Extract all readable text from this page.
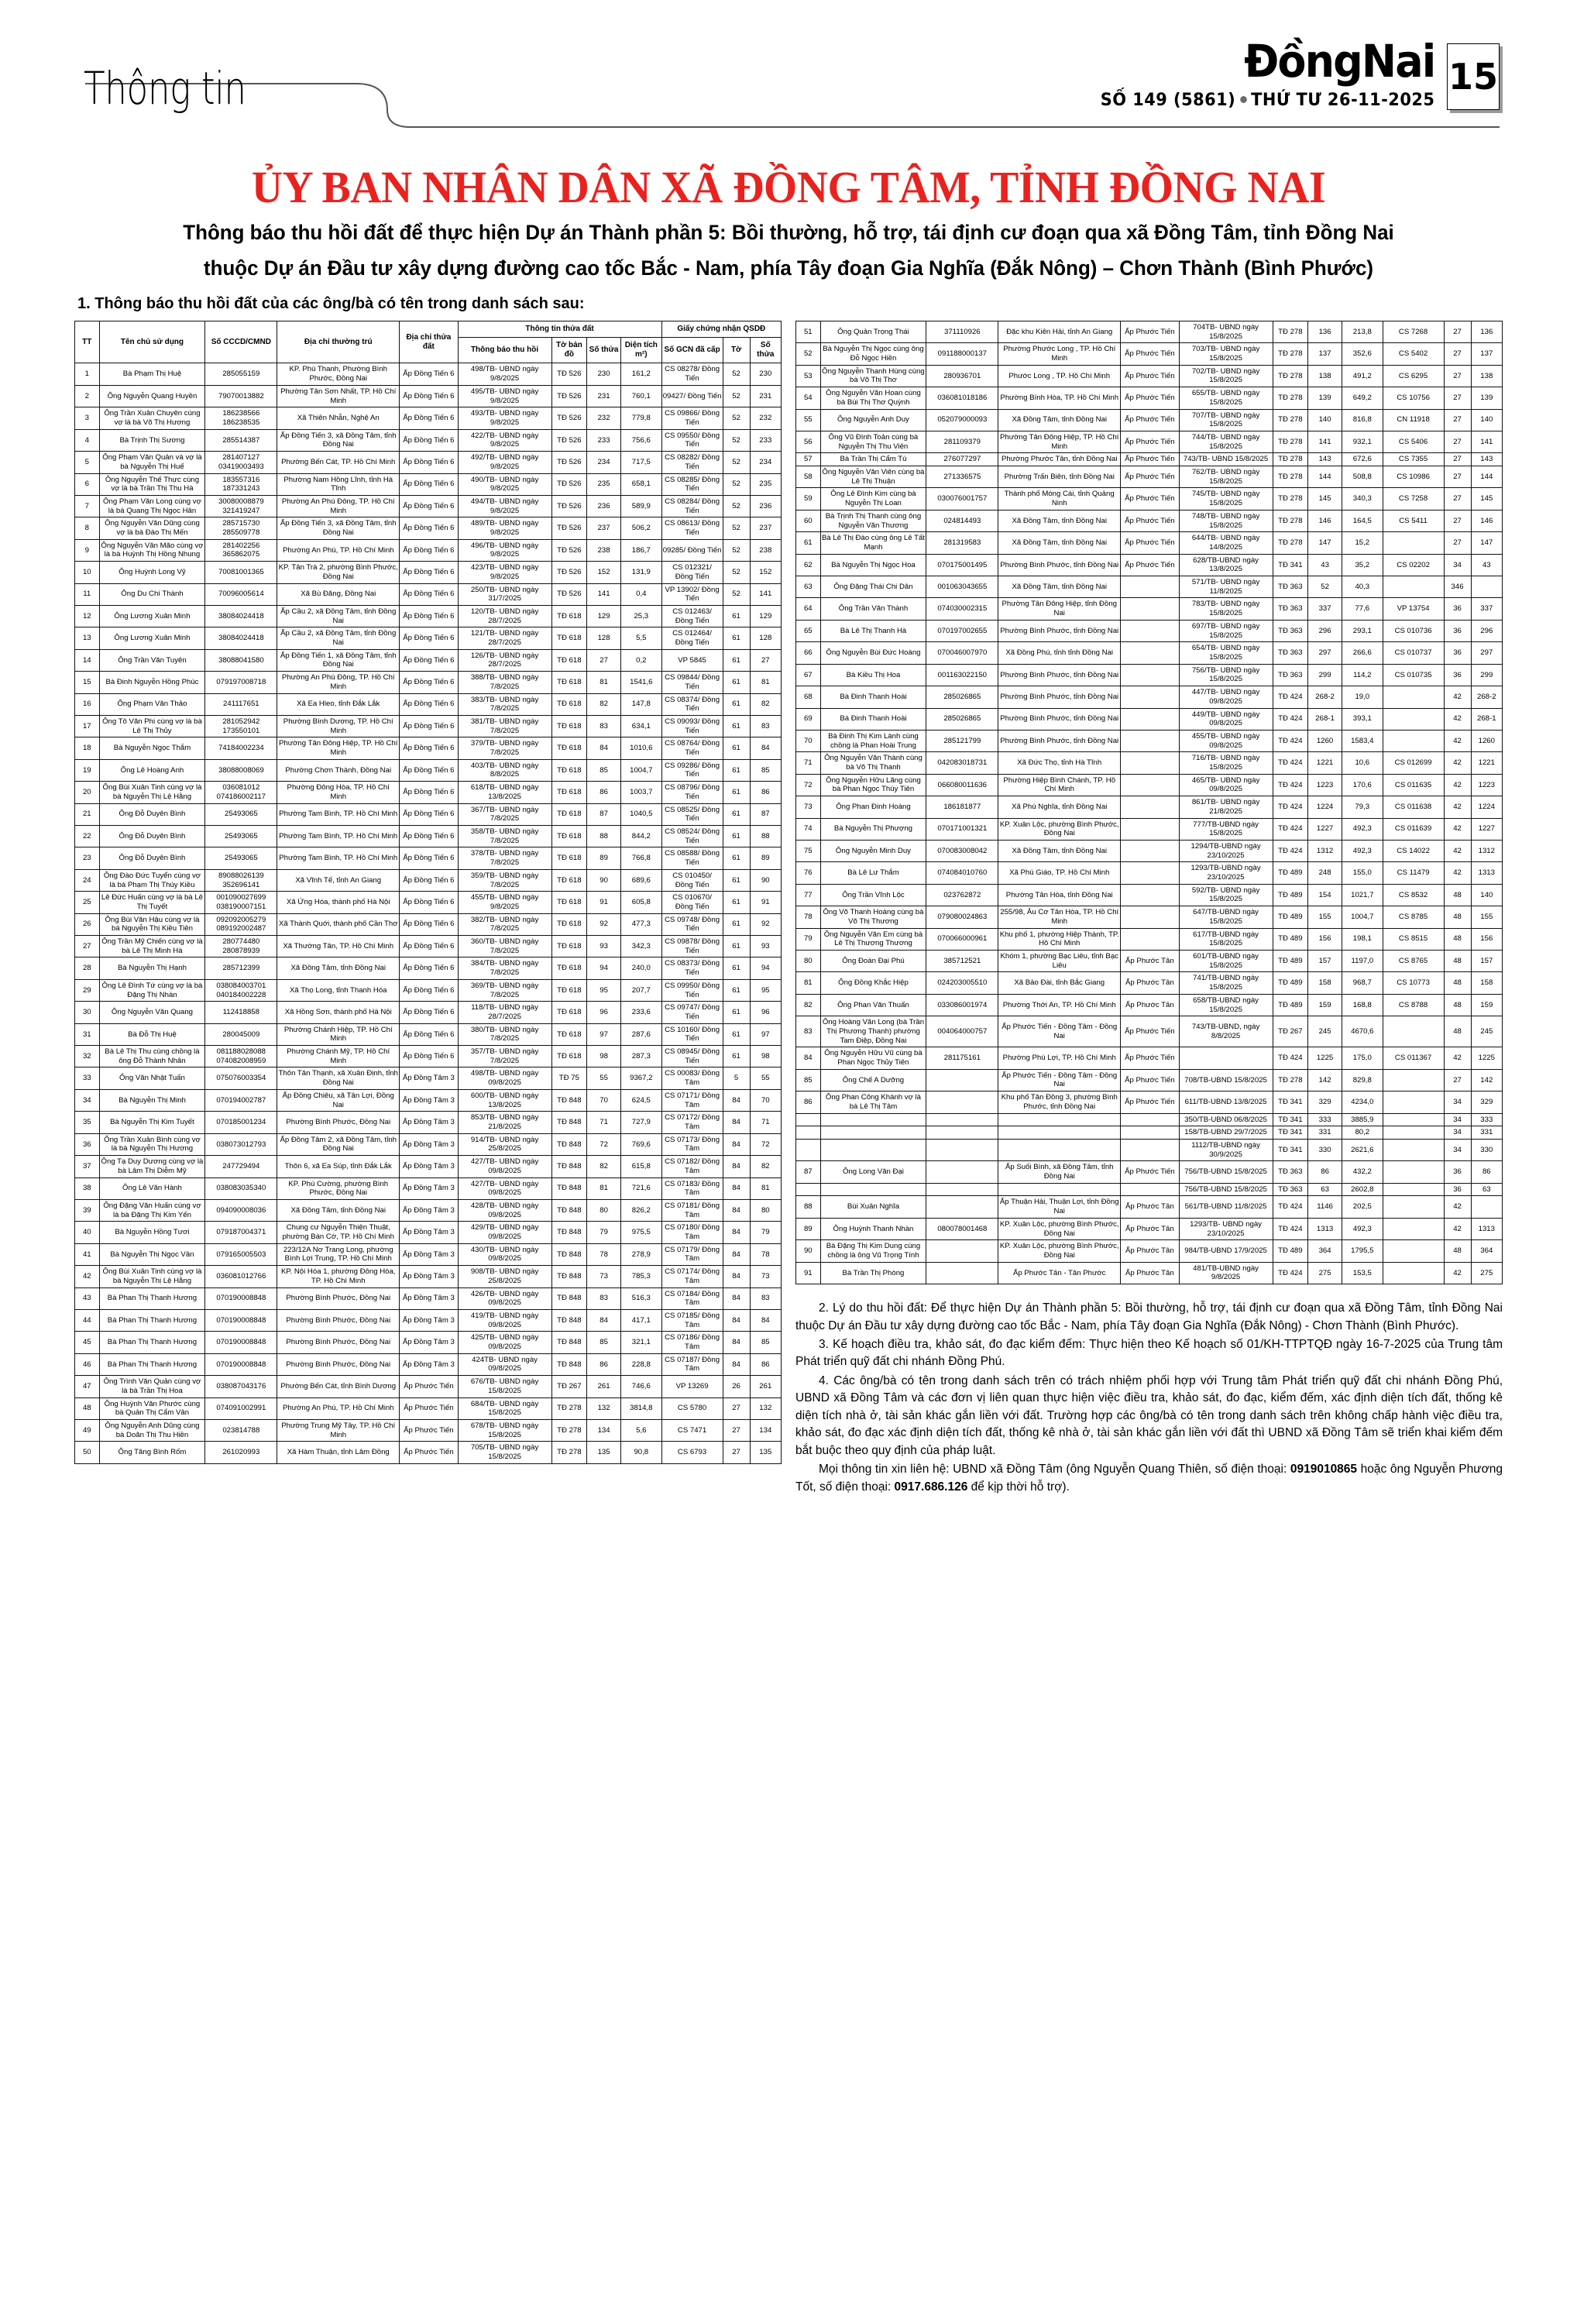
Thông tin
ĐồngNai
SỐ 149 (5861) THỨ TƯ 26-11-2025
15
ỦY BAN NHÂN DÂN XÃ ĐỒNG TÂM, TỈNH ĐỒNG NAI
Thông báo thu hồi đất để thực hiện Dự án Thành phần 5: Bồi thường, hỗ trợ, tái định cư đoạn qua xã Đồng Tâm, tỉnh Đồng Nai
thuộc Dự án Đầu tư xây dựng đường cao tốc Bắc - Nam, phía Tây đoạn Gia Nghĩa (Đắk Nông) – Chơn Thành (Bình Phước)
1. Thông báo thu hồi đất của các ông/bà có tên trong danh sách sau:
TT	Tên chủ sử dụng	Số CCCD/CMND	Địa chỉ thường trú	Địa chỉ thửa đất	Thông tin thửa đất				Giấy chứng nhận QSDĐ		
					Thông báo thu hồi	Tờ bản đồ	Số thửa	Diện tích m²)	Số GCN đã cấp	Tờ	Số thửa
1	Bà Phạm Thị Huệ	285055159	KP. Phú Thanh, Phường Bình Phước, Đồng Nai	Ấp Đồng Tiến 6	498/TB- UBND ngày 9/8/2025	TĐ 526	230	161,2	CS 08278/ Đồng Tiến	52	230
2	Ông Nguyễn Quang Huyền	79070013882	Phường Tân Sơn Nhất, TP. Hồ Chí Minh	Ấp Đồng Tiến 6	495/TB- UBND ngày 9/8/2025	TĐ 526	231	760,1	09427/ Đồng Tiến	52	231
3	Ông Trần Xuân Chuyên cùng vợ là bà Võ Thị Hương	186238566 186238535	Xã Thiên Nhẫn, Nghệ An	Ấp Đồng Tiến 6	493/TB- UBND ngày 9/8/2025	TĐ 526	232	779,8	CS 09866/ Đồng Tiến	52	232
4	Bà Trịnh Thị Sương	285514387	Ấp Đồng Tiến 3, xã Đồng Tâm, tỉnh Đồng Nai	Ấp Đồng Tiến 6	422/TB- UBND ngày 9/8/2025	TĐ 526	233	756,6	CS 09550/ Đồng Tiến	52	233
5	Ông Phạm Văn Quản và vợ là bà Nguyễn Thị Huế	281407127 03419003493	Phường Bến Cát, TP. Hồ Chí Minh	Ấp Đồng Tiến 6	492/TB- UBND ngày 9/8/2025	TĐ 526	234	717,5	CS 08282/ Đồng Tiến	52	234
6	Ông Nguyễn Thế Thực cùng vợ là bà Trần Thị Thu Hà	183557316 187331243	Phường Nam Hồng Lĩnh, tỉnh Hà Tĩnh	Ấp Đồng Tiến 6	490/TB- UBND ngày 9/8/2025	TĐ 526	235	658,1	CS 08285/ Đồng Tiến	52	235
7	Ông Phạm Văn Long cùng vợ là bà Quang Thị Ngọc Hân	30080008879 321419247	Phường An Phú Đông, TP. Hồ Chí Minh	Ấp Đồng Tiến 6	494/TB- UBND ngày 9/8/2025	TĐ 526	236	589,9	CS 08284/ Đồng Tiến	52	236
8	Ông Nguyễn Văn Dũng cùng vợ là bà Đào Thị Mến	285715730 285509778	Ấp Đồng Tiến 3, xã Đồng Tâm, tỉnh Đồng Nai	Ấp Đồng Tiến 6	489/TB- UBND ngày 9/8/2025	TĐ 526	237	506,2	CS 08613/ Đồng Tiến	52	237
9	Ông Nguyễn Văn Mão cùng vợ là bà Huỳnh Thị Hồng Nhung	281402256 365862075	Phường An Phú, TP. Hồ Chí Minh	Ấp Đồng Tiến 6	496/TB- UBND ngày 9/8/2025	TĐ 526	238	186,7	09285/ Đồng Tiến	52	238
10	Ông Huỳnh Long Vỹ	70081001365	KP. Tân Trà 2, phường Bình Phước, Đồng Nai	Ấp Đồng Tiến 6	423/TB- UBND ngày 9/8/2025	TĐ 526	152	131,9	CS 012321/ Đồng Tiến	52	152
11	Ông Du Chí Thành	70096005614	Xã Bù Đăng, Đồng Nai	Ấp Đồng Tiến 6	250/TB- UBND ngày 31/7/2025	TĐ 526	141	0,4	VP 13902/ Đồng Tiến	52	141
12	Ông Lương Xuân Minh	38084024418	Ấp Cầu 2, xã Đồng Tâm, tỉnh Đồng Nai	Ấp Đồng Tiến 6	120/TB- UBND ngày 28/7/2025	TĐ 618	129	25,3	CS 012463/ Đồng Tiến	61	129
13	Ông Lương Xuân Minh	38084024418	Ấp Cầu 2, xã Đồng Tâm, tỉnh Đồng Nai	Ấp Đồng Tiến 6	121/TB- UBND ngày 28/7/2025	TĐ 618	128	5,5	CS 012464/ Đồng Tiến	61	128
14	Ông Trần Văn Tuyên	38088041580	Ấp Đồng Tiến 1, xã Đồng Tâm, tỉnh Đồng Nai	Ấp Đồng Tiến 6	126/TB- UBND ngày 28/7/2025	TĐ 618	27	0,2	VP 5845	61	27
15	Bà Đinh Nguyễn Hồng Phúc	079197008718	Phường An Phú Đông, TP. Hồ Chí Minh	Ấp Đồng Tiến 6	388/TB- UBND ngày 7/8/2025	TĐ 618	81	1541,6	CS 09844/ Đồng Tiến	61	81
16	Ông Phạm Văn Thảo	241117651	Xã Ea Hleo, tỉnh Đắk Lắk	Ấp Đồng Tiến 6	383/TB- UBND ngày 7/8/2025	TĐ 618	82	147,8	CS 08374/ Đồng Tiến	61	82
17	Ông Tô Văn Phi cùng vợ là bà Lê Thị Thủy	281052942 173550101	Phường Bình Dương, TP. Hồ Chí Minh	Ấp Đồng Tiến 6	381/TB- UBND ngày 7/8/2025	TĐ 618	83	634,1	CS 09093/ Đồng Tiến	61	83
18	Bà Nguyễn Ngọc Thắm	74184002234	Phường Tân Đông Hiệp, TP. Hồ Chí Minh	Ấp Đồng Tiến 6	379/TB- UBND ngày 7/8/2025	TĐ 618	84	1010,6	CS 08764/ Đồng Tiến	61	84
19	Ông Lê Hoàng Anh	38088008069	Phường Chơn Thành, Đồng Nai	Ấp Đồng Tiến 6	403/TB- UBND ngày 8/8/2025	TĐ 618	85	1004,7	CS 09286/ Đồng Tiến	61	85
20	Ông Bùi Xuân Tinh cùng vợ là bà Nguyễn Thị Lệ Hằng	036081012 074186002117	Phường Đông Hòa, TP. Hồ Chí Minh	Ấp Đồng Tiến 6	618/TB- UBND ngày 13/8/2025	TĐ 618	86	1003,7	CS 08796/ Đồng Tiến	61	86
21	Ông Đỗ Duyên Bình	25493065	Phường Tam Bình, TP. Hồ Chí Minh	Ấp Đồng Tiến 6	367/TB- UBND ngày 7/8/2025	TĐ 618	87	1040,5	CS 08525/ Đồng Tiến	61	87
22	Ông Đỗ Duyên Bình	25493065	Phường Tam Bình, TP. Hồ Chí Minh	Ấp Đồng Tiến 6	358/TB- UBND ngày 7/8/2025	TĐ 618	88	844,2	CS 08524/ Đồng Tiến	61	88
23	Ông Đỗ Duyên Bình	25493065	Phường Tam Bình, TP. Hồ Chí Minh	Ấp Đồng Tiến 6	378/TB- UBND ngày 7/8/2025	TĐ 618	89	766,8	CS 08588/ Đồng Tiến	61	89
24	Ông Đào Đức Tuyển cùng vợ là bà Phạm Thị Thúy Kiều	89088026139 352696141	Xã Vĩnh Tế, tỉnh An Giang	Ấp Đồng Tiến 6	359/TB- UBND ngày 7/8/2025	TĐ 618	90	689,6	CS 010450/ Đồng Tiến	61	90
25	Lê Đức Huấn cùng vợ là bà Lê Thị Tuyết	001090027699 038190007151	Xã Ứng Hòa, thành phố Hà Nội	Ấp Đồng Tiến 6	455/TB- UBND ngày 9/8/2025	TĐ 618	91	605,8	CS 010670/ Đồng Tiến	61	91
26	Ông Bùi Văn Hậu cùng vợ là bà Nguyễn Thị Kiều Tiên	092092005279 089192002487	Xã Thành Quới, thành phố Cần Thơ	Ấp Đồng Tiến 6	382/TB- UBND ngày 7/8/2025	TĐ 618	92	477,3	CS 09748/ Đồng Tiến	61	92
27	Ông Trần Mỹ Chiến cùng vợ là bà Lê Thị Minh Hà	280774480 280878939	Xã Thường Tân, TP. Hồ Chí Minh	Ấp Đồng Tiến 6	360/TB- UBND ngày 7/8/2025	TĐ 618	93	342,3	CS 09878/ Đồng Tiến	61	93
28	Bà Nguyễn Thị Hạnh	285712399	Xã Đồng Tâm, tỉnh Đồng Nai	Ấp Đồng Tiến 6	384/TB- UBND ngày 7/8/2025	TĐ 618	94	240,0	CS 08373/ Đồng Tiến	61	94
29	Ông Lê Đình Tứ cùng vợ là bà Đặng Thị Nhàn	038084003701 040184002228	Xã Thọ Long, tỉnh Thanh Hóa	Ấp Đồng Tiến 6	369/TB- UBND ngày 7/8/2025	TĐ 618	95	207,7	CS 09950/ Đồng Tiến	61	95
30	Ông Nguyễn Văn Quang	112418858	Xã Hồng Sơn, thành phố Hà Nội	Ấp Đồng Tiến 6	118/TB- UBND ngày 28/7/2025	TĐ 618	96	233,6	CS 09747/ Đồng Tiến	61	96
31	Bà Đỗ Thị Huệ	280045009	Phường Chánh Hiệp, TP. Hồ Chí Minh	Ấp Đồng Tiến 6	380/TB- UBND ngày 7/8/2025	TĐ 618	97	287,6	CS 10160/ Đồng Tiến	61	97
32	Bà Lê Thị Thu cùng chồng là ông Đỗ Thành Nhân	081188028088 074082008959	Phường Chánh Mỹ, TP. Hồ Chí Minh	Ấp Đồng Tiến 6	357/TB- UBND ngày 7/8/2025	TĐ 618	98	287,3	CS 08945/ Đồng Tiến	61	98
33	Ông Văn Nhật Tuấn	075076003354	Thôn Tân Thạnh, xã Xuân Định, tỉnh Đồng Nai	Ấp Đồng Tâm 3	498/TB- UBND ngày 09/8/2025	TĐ 75	55	9367,2	CS 00083/ Đồng Tâm	5	55
34	Bà Nguyễn Thị Minh	070194002787	Ấp Đồng Chiêu, xã Tân Lợi, Đồng Nai	Ấp Đồng Tâm 3	600/TB- UBND ngày 13/8/2025	TĐ 848	70	624,5	CS 07171/ Đồng Tâm	84	70
35	Bà Nguyễn Thị Kim Tuyết	070185001234	Phường Bình Phước, Đồng Nai	Ấp Đồng Tâm 3	853/TB- UBND ngày 21/8/2025	TĐ 848	71	727,9	CS 07172/ Đồng Tâm	84	71
36	Ông Trần Xuân Bình cùng vợ là bà Nguyễn Thị Hương	038073012793	Ấp Đồng Tâm 2, xã Đồng Tâm, tỉnh Đồng Nai	Ấp Đồng Tâm 3	914/TB- UBND ngày 25/8/2025	TĐ 848	72	769,6	CS 07173/ Đồng Tâm	84	72
37	Ông Tạ Duy Dương cùng vợ là bà Lâm Thị Diễm Mỹ	247729494	Thôn 6, xã Ea Súp, tỉnh Đắk Lắk	Ấp Đồng Tâm 3	427/TB- UBND ngày 09/8/2025	TĐ 848	82	615,8	CS 07182/ Đồng Tâm	84	82
38	Ông Lê Văn Hành	038083035340	KP. Phú Cường, phường Bình Phước, Đồng Nai	Ấp Đồng Tâm 3	427/TB- UBND ngày 09/8/2025	TĐ 848	81	721,6	CS 07183/ Đồng Tâm	84	81
39	Ông Đặng Văn Huấn cùng vợ là bà Đặng Thị Kim Yến	094090008036	Xã Đồng Tâm, tỉnh Đồng Nai	Ấp Đồng Tâm 3	428/TB- UBND ngày 09/8/2025	TĐ 848	80	826,2	CS 07181/ Đồng Tâm	84	80
40	Bà Nguyễn Hồng Tươi	079187004371	Chung cư Nguyễn Thiện Thuật, phường Bàn Cờ, TP. Hồ Chí Minh	Ấp Đồng Tâm 3	429/TB- UBND ngày 09/8/2025	TĐ 848	79	975,5	CS 07180/ Đồng Tâm	84	79
41	Bà Nguyễn Thị Ngọc Vân	079165005503	223/12A Nơ Trang Long, phường Bình Lợi Trung, TP. Hồ Chí Minh	Ấp Đồng Tâm 3	430/TB- UBND ngày 09/8/2025	TĐ 848	78	278,9	CS 07179/ Đồng Tâm	84	78
42	Ông Bùi Xuân Tinh cùng vợ là bà Nguyễn Thị Lệ Hằng	036081012766	KP. Nội Hóa 1, phường Đông Hòa, TP. Hồ Chí Minh	Ấp Đồng Tâm 3	908/TB- UBND ngày 25/8/2025	TĐ 848	73	785,3	CS 07174/ Đồng Tâm	84	73
43	Bà Phan Thị Thanh Hương	070190008848	Phường Bình Phước, Đồng Nai	Ấp Đồng Tâm 3	426/TB- UBND ngày 09/8/2025	TĐ 848	83	516,3	CS 07184/ Đồng Tâm	84	83
44	Bà Phan Thị Thanh Hương	070190008848	Phường Bình Phước, Đồng Nai	Ấp Đồng Tâm 3	419/TB- UBND ngày 09/8/2025	TĐ 848	84	417,1	CS 07185/ Đồng Tâm	84	84
45	Bà Phan Thị Thanh Hương	070190008848	Phường Bình Phước, Đồng Nai	Ấp Đồng Tâm 3	425/TB- UBND ngày 09/8/2025	TĐ 848	85	321,1	CS 07186/ Đồng Tâm	84	85
46	Bà Phan Thị Thanh Hương	070190008848	Phường Bình Phước, Đồng Nai	Ấp Đồng Tâm 3	424TB- UBND ngày 09/8/2025	TĐ 848	86	228,8	CS 07187/ Đồng Tâm	84	86
47	Ông Trình Văn Quản cùng vợ là bà Trần Thị Hoa	038087043176	Phường Bến Cát, tỉnh Bình Dương	Ấp Phước Tiến	676/TB- UBND ngày 15/8/2025	TĐ 267	261	746,6	VP 13269	26	261
48	Ông Huỳnh Văn Phước cùng bà Quản Thị Cẩm Vân	074091002991	Phường An Phú, TP. Hồ Chí Minh	Ấp Phước Tiến	684/TB- UBND ngày 15/8/2025	TĐ 278	132	3814,8	CS 5780	27	132
49	Ông Nguyễn Anh Dũng cùng bà Doãn Thị Thu Hiền	023814788	Phường Trung Mỹ Tây, TP. Hồ Chí Minh	Ấp Phước Tiến	678/TB- UBND ngày 15/8/2025	TĐ 278	134	5,6	CS 7471	27	134
50	Ông Tăng Bình Rốm	261020993	Xã Hàm Thuận, tỉnh Lâm Đồng	Ấp Phước Tiến	705/TB- UBND ngày 15/8/2025	TĐ 278	135	90,8	CS 6793	27	135
51	Ông Quản Trọng Thái	371110926	Đặc khu Kiên Hải, tỉnh An Giang	Ấp Phước Tiến	704TB- UBND ngày 15/8/2025	TĐ 278	136	213,8	CS 7268	27	136
52	Bà Nguyễn Thị Ngọc cùng ông Đỗ Ngọc Hiền	091188000137	Phường Phước Long , TP. Hồ Chí Minh	Ấp Phước Tiến	703/TB- UBND ngày 15/8/2025	TĐ 278	137	352,6	CS 5402	27	137
53	Ông Nguyễn Thanh Hùng cùng bà Võ Thị Thơ	280936701	Phước Long , TP. Hồ Chí Minh	Ấp Phước Tiến	702/TB- UBND ngày 15/8/2025	TĐ 278	138	491,2	CS 6295	27	138
54	Ông Nguyễn Văn Hoan cùng bà Bùi Thị Thơ Quỳnh	036081018186	Phường Bình Hòa, TP. Hồ Chí Minh	Ấp Phước Tiến	655/TB- UBND ngày 15/8/2025	TĐ 278	139	649,2	CS 10756	27	139
55	Ông Nguyễn Anh Duy	052079000093	Xã Đồng Tâm, tỉnh Đồng Nai	Ấp Phước Tiến	707/TB- UBND ngày 15/8/2025	TĐ 278	140	816,8	CN 11918	27	140
56	Ông Vũ Đình Toản cùng bà Nguyễn Thị Thu Viên	281109379	Phường Tân Đông Hiệp, TP. Hồ Chí Minh	Ấp Phước Tiến	744/TB- UBND ngày 15/8/2025	TĐ 278	141	932,1	CS 5406	27	141
57	Bà Trần Thị Cẩm Tú	276077297	Phường Phước Tân, tỉnh Đồng Nai	Ấp Phước Tiến	743/TB- UBND 15/8/2025	TĐ 278	143	672,6	CS 7355	27	143
58	Ông Nguyễn Văn Viên cùng bà Lê Thị Thuận	271336575	Phường Trấn Biên, tỉnh Đồng Nai	Ấp Phước Tiến	762/TB- UBND ngày 15/8/2025	TĐ 278	144	508,8	CS 10986	27	144
59	Ông Lê Đình Kim cùng bà Nguyễn Thị Loan	030076001757	Thành phố Móng Cái, tỉnh Quảng Ninh	Ấp Phước Tiến	745/TB- UBND ngày 15/8/2025	TĐ 278	145	340,3	CS 7258	27	145
60	Bà Trịnh Thị Thanh cùng ông Nguyễn Văn Thương	024814493	Xã Đồng Tâm, tỉnh Đồng Nai	Ấp Phước Tiến	748/TB- UBND ngày 15/8/2025	TĐ 278	146	164,5	CS 5411	27	146
61	Bà Lê Thị Đào cùng ông Lê Tất Mạnh	281319583	Xã Đồng Tâm, tỉnh Đồng Nai	Ấp Phước Tiến	644/TB- UBND ngày 14/8/2025	TĐ 278	147	15,2		27	147
62	Bà Nguyễn Thị Ngọc Hoa	070175001495	Phường Bình Phước, tỉnh Đồng Nai	Ấp Phước Tiến	628/TB-UBND ngày 13/8/2025	TĐ 341	43	35,2	CS 02202	34	43
63	Ông Đặng Thái Chi Dân	001063043655	Xã Đồng Tâm, tỉnh Đồng Nai		571/TB- UBND ngày 11/8/2025	TĐ 363	52	40,3		346	
64	Ông Trần Văn Thành	074030002315	Phường Tân Đông Hiệp, tỉnh Đồng Nai		783/TB- UBND ngày 15/8/2025	TĐ 363	337	77,6	VP 13754	36	337
65	Bà Lê Thị Thanh Hà	070197002655	Phường Bình Phước, tỉnh Đồng Nai		697/TB- UBND ngày 15/8/2025	TĐ 363	296	293,1	CS 010736	36	296
66	Ông Nguyễn Bùi Đức Hoàng	070046007970	Xã Đồng Phú, tỉnh tỉnh Đồng Nai		654/TB- UBND ngày 15/8/2025	TĐ 363	297	266,6	CS 010737	36	297
67	Bà Kiều Thị Hoa	001163022150	Phường Bình Phước, tỉnh Đồng Nai		756/TB- UBND ngày 15/8/2025	TĐ 363	299	114,2	CS 010735	36	299
68	Bà Đinh Thanh Hoài	285026865	Phường Bình Phước, tỉnh Đồng Nai		447/TB- UBND ngày 09/8/2025	TĐ 424	268-2	19,0		42	268-2
69	Bà Đinh Thanh Hoài	285026865	Phường Bình Phước, tỉnh Đồng Nai		449/TB- UBND ngày 09/8/2025	TĐ 424	268-1	393,1		42	268-1
70	Bà Đinh Thị Kim Lành cùng chồng là Phan Hoài Trung	285121799	Phường Bình Phước, tỉnh Đồng Nai		455/TB- UBND ngày 09/8/2025	TĐ 424	1260	1583,4		42	1260
71	Ông Nguyễn Văn Thành cùng bà Võ Thị Thanh	042083018731	Xã Đức Thọ, tỉnh Hà Tĩnh		716/TB- UBND ngày 15/8/2025	TĐ 424	1221	10,6	CS 012699	42	1221
72	Ông Nguyễn Hữu Lãng cùng bà Phan Ngọc Thúy Tiên	066080011636	Phường Hiệp Bình Chánh, TP. Hồ Chí Minh		465/TB- UBND ngày 09/8/2025	TĐ 424	1223	170,6	CS 011635	42	1223
73	Ông Phan Đinh Hoàng	186181877	Xã Phú Nghĩa, tỉnh Đồng Nai		861/TB- UBND ngày 21/8/2025	TĐ 424	1224	79,3	CS 011638	42	1224
74	Bà Nguyễn Thị Phượng	070171001321	KP. Xuân Lộc, phường Bình Phước, Đồng Nai		777/TB-UBND ngày 15/8/2025	TĐ 424	1227	492,3	CS 011639	42	1227
75	Ông Nguyễn Minh Duy	070083008042	Xã Đồng Tâm, tỉnh Đồng Nai		1294/TB-UBND ngày 23/10/2025	TĐ 424	1312	492,3	CS 14022	42	1312
76	Bà Lê Lư Thắm	074084010760	Xã Phú Giáo, TP. Hồ Chí Minh		1293/TB-UBND ngày 23/10/2025	TĐ 489	248	155,0	CS 11479	42	1313
77	Ông Trần Vĩnh Lộc	023762872	Phường Tân Hòa, tỉnh Đồng Nai		592/TB- UBND ngày 15/8/2025	TĐ 489	154	1021,7	CS 8532	48	140
78	Ông Võ Thanh Hoàng cùng bà Võ Thị Thương	079080024863	255/98, Âu Cơ Tân Hòa, TP. Hồ Chí Minh		647/TB-UBND ngày 15/8/2025	TĐ 489	155	1004,7	CS 8785	48	155
79	Ông Nguyễn Văn Em cùng bà Lê Thị Thương Thương	070066000961	Khu phố 1, phường Hiệp Thành, TP. Hồ Chí Minh		617/TB-UBND ngày 15/8/2025	TĐ 489	156	198,1	CS 8515	48	156
80	Ông Đoàn Đại Phú	385712521	Khóm 1, phường Bạc Liêu, tỉnh Bạc Liêu	Ấp Phước Tân	601/TB-UBND ngày 15/8/2025	TĐ 489	157	1197,0	CS 8765	48	157
81	Ông Đồng Khắc Hiệp	024203005510	Xã Bảo Đài, tỉnh Bắc Giang	Ấp Phước Tân	741/TB-UBND ngày 15/8/2025	TĐ 489	158	968,7	CS 10773	48	158
82	Ông Phan Văn Thuấn	033086001974	Phường Thới An, TP. Hồ Chí Minh	Ấp Phước Tân	658/TB-UBND ngày 15/8/2025	TĐ 489	159	168,8	CS 8788	48	159
83	Ông Hoàng Văn Long (bà Trần Thị Phương Thanh) phường Tam Điệp, Đồng Nai	004064000757	Ấp Phước Tiến - Đồng Tâm - Đồng Nai	Ấp Phước Tiến	743/TB-UBND, ngày 8/8/2025	TĐ 267	245	4670,6		48	245
84	Ông Nguyễn Hữu Vũ cùng bà Phan Ngọc Thủy Tiên	281175161	Phường Phú Lợi, TP. Hồ Chí Minh	Ấp Phước Tiến		TĐ 424	1225	175,0	CS 011367	42	1225
85	Ông Chế A Dưỡng		Ấp Phước Tiến - Đồng Tâm - Đồng Nai	Ấp Phước Tiến	708/TB-UBND 15/8/2025	TĐ 278	142	829,8		27	142
86	Ông Phan Công Khánh vợ là bà Lê Thị Tâm		Khu phố Tân Đồng 3, phường Bình Phước, tỉnh Đồng Nai	Ấp Phước Tiến	611/TB-UBND 13/8/2025	TĐ 341	329	4234,0		34	329
					350/TB-UBND 06/8/2025	TĐ 341	333	3885,9		34	333
					158/TB-UBND 29/7/2025	TĐ 341	331	80,2		34	331
					1112/TB-UBND ngày 30/9/2025	TĐ 341	330	2621,6		34	330
87	Ông Long Văn Đại		Ấp Suối Bình, xã Đồng Tâm, tỉnh Đồng Nai	Ấp Phước Tiến	756/TB-UBND 15/8/2025	TĐ 363	86	432,2		36	86
					756/TB-UBND 15/8/2025	TĐ 363	63	2602,8		36	63
88	Bùi Xuân Nghĩa		Ấp Thuận Hải, Thuận Lợi, tỉnh Đồng Nai	Ấp Phước Tân	561/TB-UBND 11/8/2025	TĐ 424	1146	202,5		42	
89	Ông Huỳnh Thanh Nhàn	080078001468	KP. Xuân Lộc, phường Bình Phước, Đồng Nai	Ấp Phước Tân	1293/TB- UBND ngày 23/10/2025	TĐ 424	1313	492,3		42	1313
90	Bà Đặng Thị Kim Dung cùng chồng là ông Vũ Trọng Tính		KP. Xuân Lộc, phường Bình Phước, Đồng Nai	Ấp Phước Tân	984/TB-UBND 17/9/2025	TĐ 489	364	1795,5		48	364
91	Bà Trần Thị Phòng		Ấp Phước Tân - Tân Phước	Ấp Phước Tân	481/TB-UBND ngày 9/8/2025	TĐ 424	275	153,5		42	275

2. Lý do thu hồi đất: Để thực hiện Dự án Thành phần 5: Bồi thường, hỗ trợ, tái định cư đoạn qua xã Đồng Tâm, tỉnh Đồng Nai thuộc Dự án Đầu tư xây dựng đường cao tốc Bắc - Nam, phía Tây đoạn Gia Nghĩa (Đắk Nông) - Chơn Thành (Bình Phước).

3. Kế hoạch điều tra, khảo sát, đo đạc kiểm đếm: Thực hiện theo Kế hoạch số 01/KH-TTPTQĐ ngày 16-7-2025 của Trung tâm Phát triển quỹ đất chi nhánh Đồng Phú.

4. Các ông/bà có tên trong danh sách trên có trách nhiệm phối hợp với Trung tâm Phát triển quỹ đất chi nhánh Đồng Phú, UBND xã Đồng Tâm và các đơn vị liên quan thực hiện việc điều tra, khảo sát, đo đạc, kiểm đếm, xác định diện tích đất, thống kê diện tích nhà ở, tài sản khác gắn liền với đất. Trường hợp các ông/bà có tên trong danh sách trên không chấp hành việc điều tra, khảo sát, đo đạc xác định diện tích đất, thống kê nhà ở, tài sản khác gắn liền với đất thì UBND xã Đồng Tâm sẽ triển khai kiểm đếm bắt buộc theo quy định của pháp luật.

Mọi thông tin xin liên hệ: UBND xã Đồng Tâm (ông Nguyễn Quang Thiên, số điện thoại: 0919010865 hoặc ông Nguyễn Phương Tốt, số điện thoại: 0917.686.126 để kịp thời hỗ trợ).
